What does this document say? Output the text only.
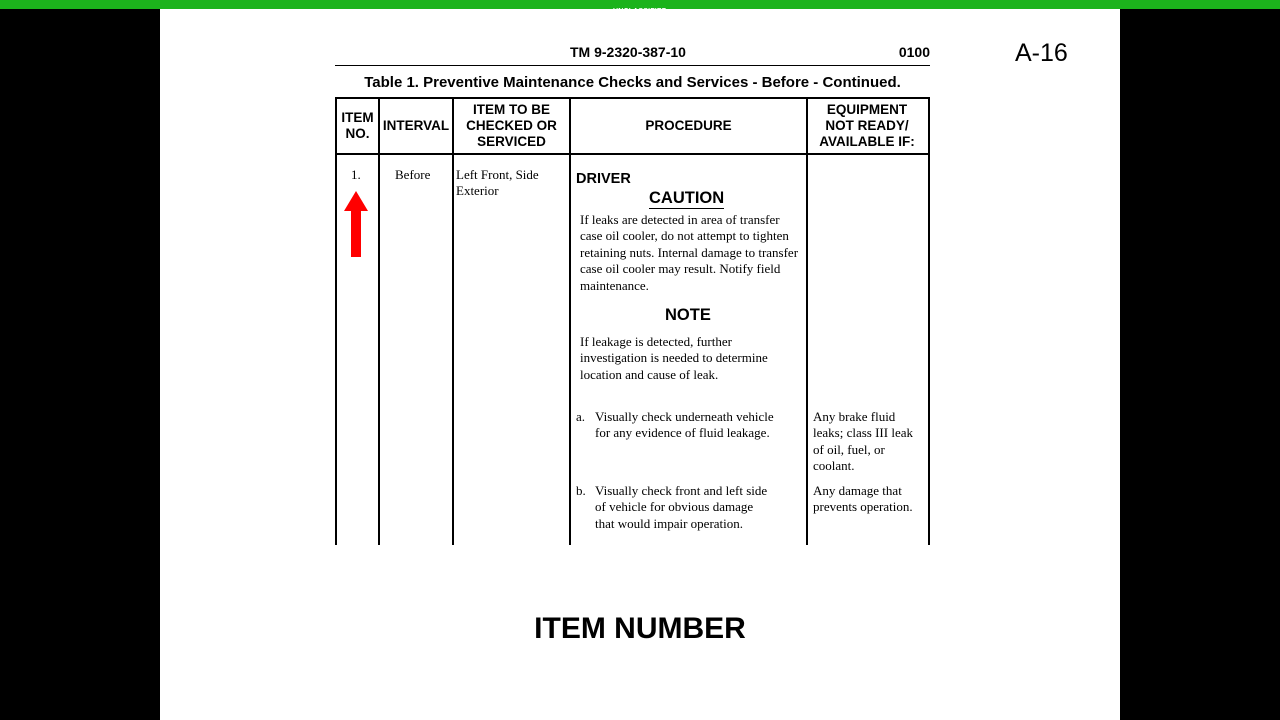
A-16
TM 9-2320-387-10	0100
Table 1. Preventive Maintenance Checks and Services - Before - Continued.
ITEM
NO.
INTERVAL
ITEM TO BE
CHECKED OR
SERVICED
PROCEDURE
EQUIPMENT
NOT READY/
AVAILABLE IF:
1.	Before Left Front, Side
Exterior
DRIVER
CAUTION
If leaks are detected in area of transfer case oil cooler, do not attempt to tighten retaining nuts. Internal damage to transfer case oil cooler may result. Notify field maintenance.
NOTE
If leakage is detected, further investigation is needed to determine location and cause of leak.
a. Visually check underneath vehicle for any evidence of fluid leakage.
Any brake fluid leaks; class III leak of oil, fuel, or coolant.
b. Visually check front and left side of vehicle for obvious damage that would impair operation.
Any damage that prevents operation.
ITEM NUMBER
